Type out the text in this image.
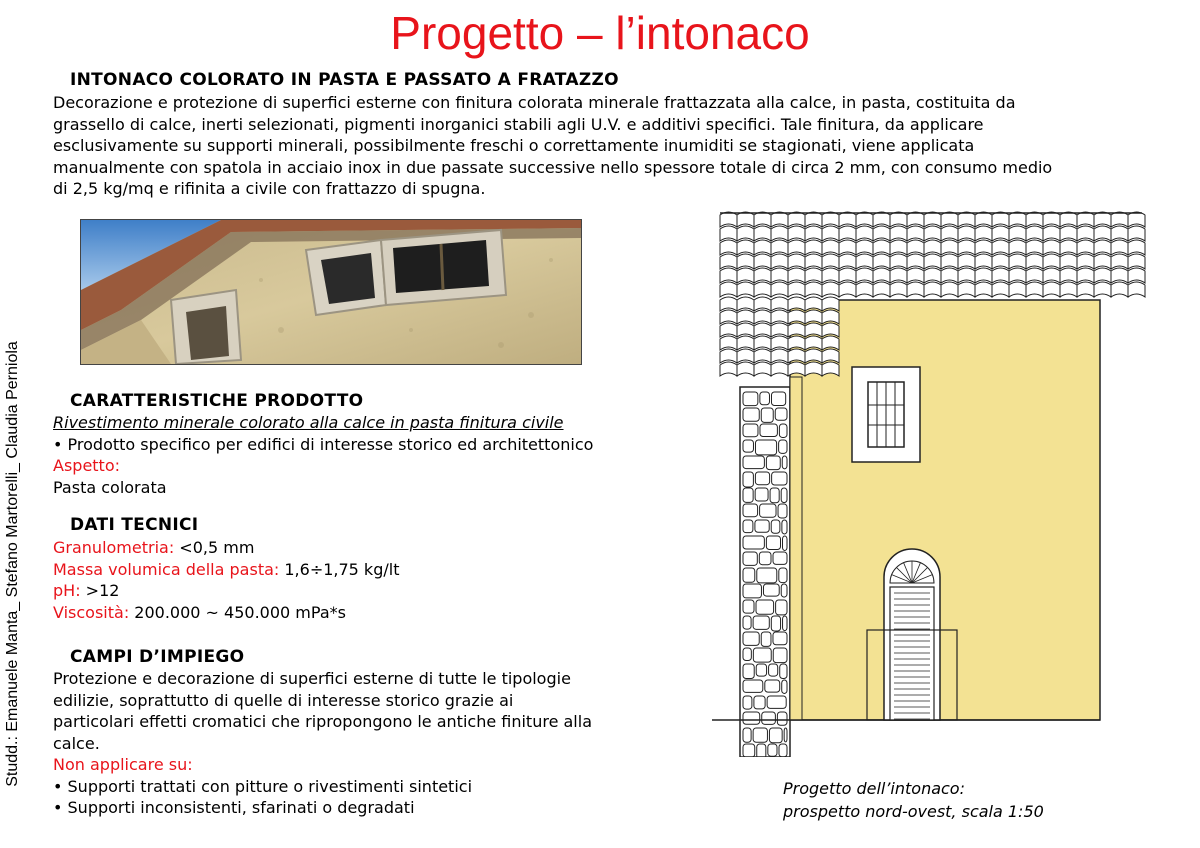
Progetto – l’intonaco
Studd.: Emanuele Manta_ Stefano Martorelli_ Claudia Perniola
INTONACO COLORATO IN PASTA E PASSATO A FRATAZZO
Decorazione e protezione di superfici esterne con finitura colorata minerale frattazzata alla calce, in pasta, costituita da
grassello di calce, inerti selezionati, pigmenti inorganici stabili agli U.V. e additivi specifici. Tale finitura, da applicare
esclusivamente su supporti minerali, possibilmente freschi o correttamente inumiditi se stagionati, viene applicata
manualmente con spatola in acciaio inox in due passate successive nello spessore totale di circa 2 mm, con consumo medio
di 2,5 kg/mq e rifinita a civile con frattazzo di spugna.
CARATTERISTICHE PRODOTTO
Rivestimento minerale colorato alla calce in pasta finitura civile
• Prodotto specifico per edifici di interesse storico ed architettonico
Aspetto:
Pasta colorata
DATI TECNICI
Granulometria: <0,5 mm
Massa volumica della pasta: 1,6÷1,75 kg/lt
pH: >12
Viscosità: 200.000 ~ 450.000 mPa*s
CAMPI D’IMPIEGO
Protezione e decorazione di superfici esterne di tutte le tipologie
edilizie, soprattutto di quelle di interesse storico grazie ai
particolari effetti cromatici che ripropongono le antiche finiture alla
calce.
Non applicare su:
• Supporti trattati con pitture o rivestimenti sintetici
• Supporti inconsistenti, sfarinati o degradati
Progetto dell’intonaco:
prospetto nord-ovest, scala 1:50
